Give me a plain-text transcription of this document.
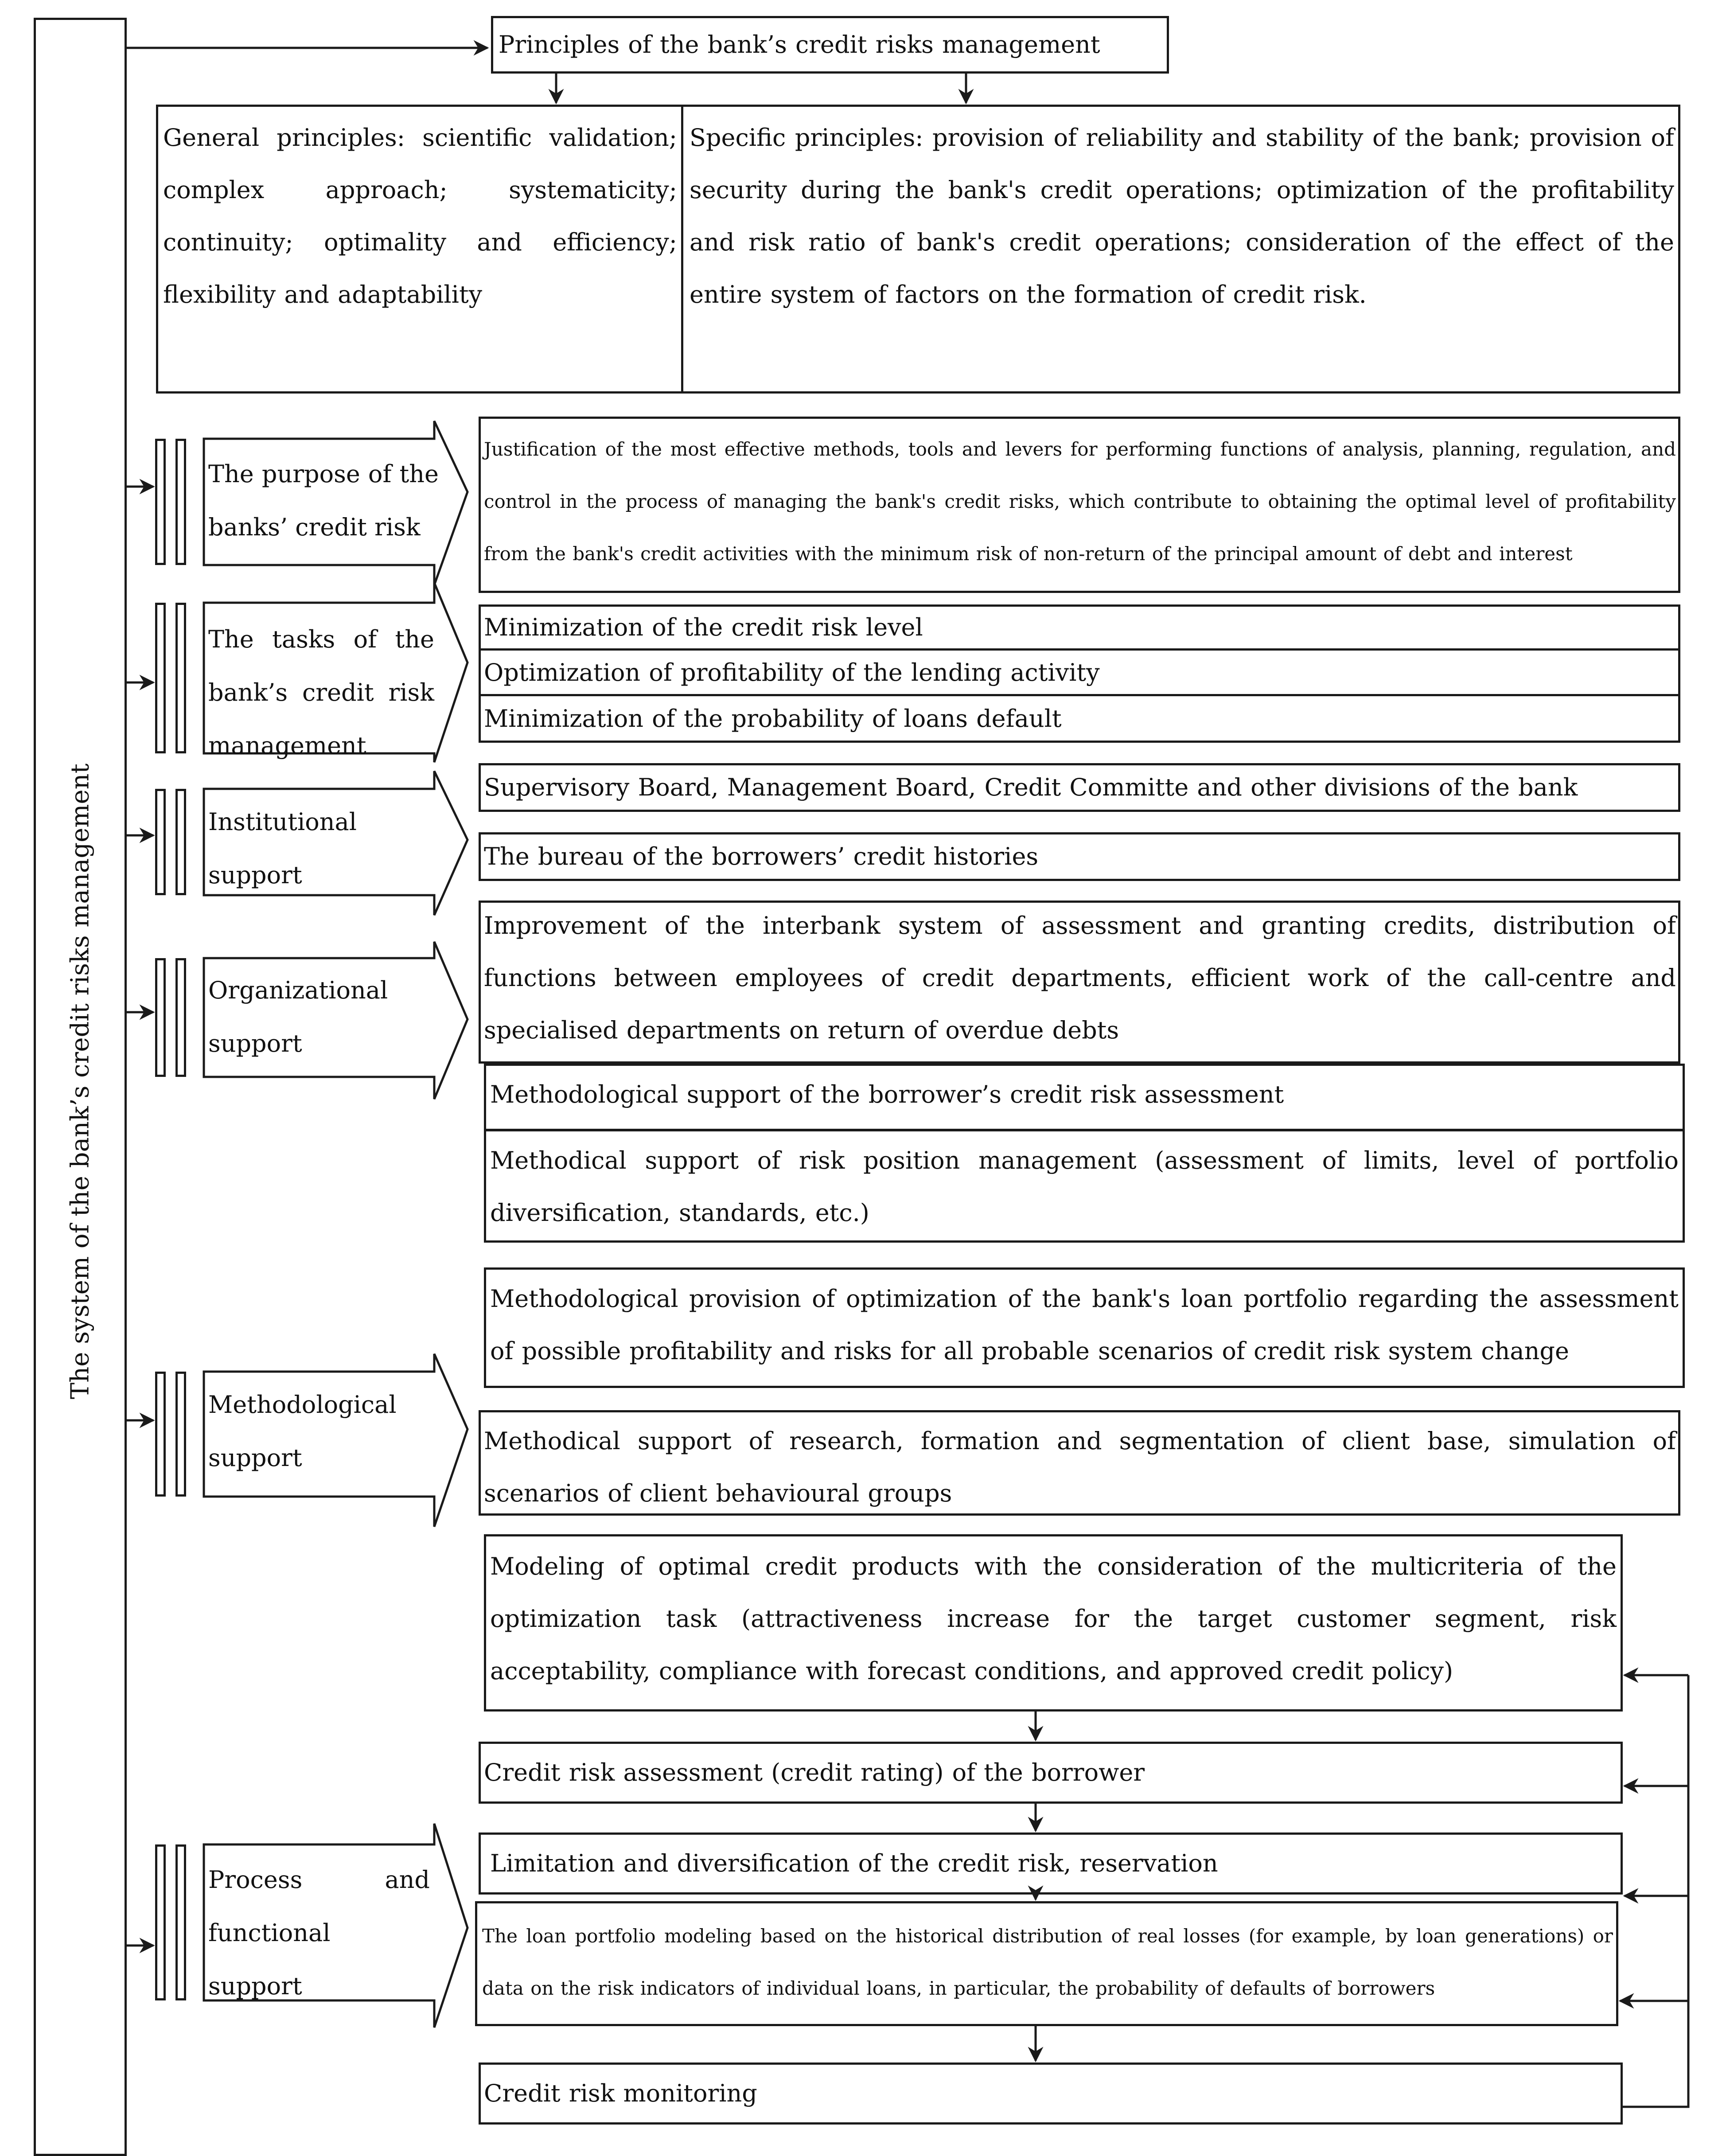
The system of the bank’s credit risks management
Principles of the bank’s credit risks management
General principles: scientific validation; complex approach; systematicity; continuity; optimality and efficiency; flexibility and adaptability
Specific principles: provision of reliability and stability of the bank; provision of security during the bank's credit operations; optimization of the profitability and risk ratio of bank's credit operations; consideration of the effect of the entire system of factors on the formation of credit risk.
Justification of the most effective methods, tools and levers for performing functions of analysis, planning, regulation, and control in the process of managing the bank's credit risks, which contribute to obtaining the optimal level of profitability from the bank's credit activities with the minimum risk of non-return of the principal amount of debt and interest
Minimization of the credit risk level
Optimization of profitability of the lending activity
Minimization of the probability of loans default
Supervisory Board, Management Board, Credit Committe and other divisions of the bank
The bureau of the borrowers’ credit histories
Improvement of the interbank system of assessment and granting credits, distribution of functions between employees of credit departments, efficient work of the call-centre and specialised departments on return of overdue debts
Methodological support of the borrower’s credit risk assessment
Methodical support of risk position management (assessment of limits, level of portfolio diversification, standards, etc.)
Methodological provision of optimization of the bank's loan portfolio regarding the assessment of possible profitability and risks for all probable scenarios of credit risk system change
Methodical support of research, formation and segmentation of client base, simulation of scenarios of client behavioural groups
Modeling of optimal credit products with the consideration of the multicriteria of the optimization task (attractiveness increase for the target customer segment, risk acceptability, compliance with forecast conditions, and approved credit policy)
Credit risk assessment (credit rating) of the borrower
Limitation and diversification of the credit risk, reservation
The loan portfolio modeling based on the historical distribution of real losses (for example, by loan generations) or data on the risk indicators of individual loans, in particular, the probability of defaults of borrowers
Credit risk monitoring
The purpose of the banks’ credit risk
The tasks of the bank’s credit risk management
Institutional support
Organizational support
Methodological support
Process and functional support
